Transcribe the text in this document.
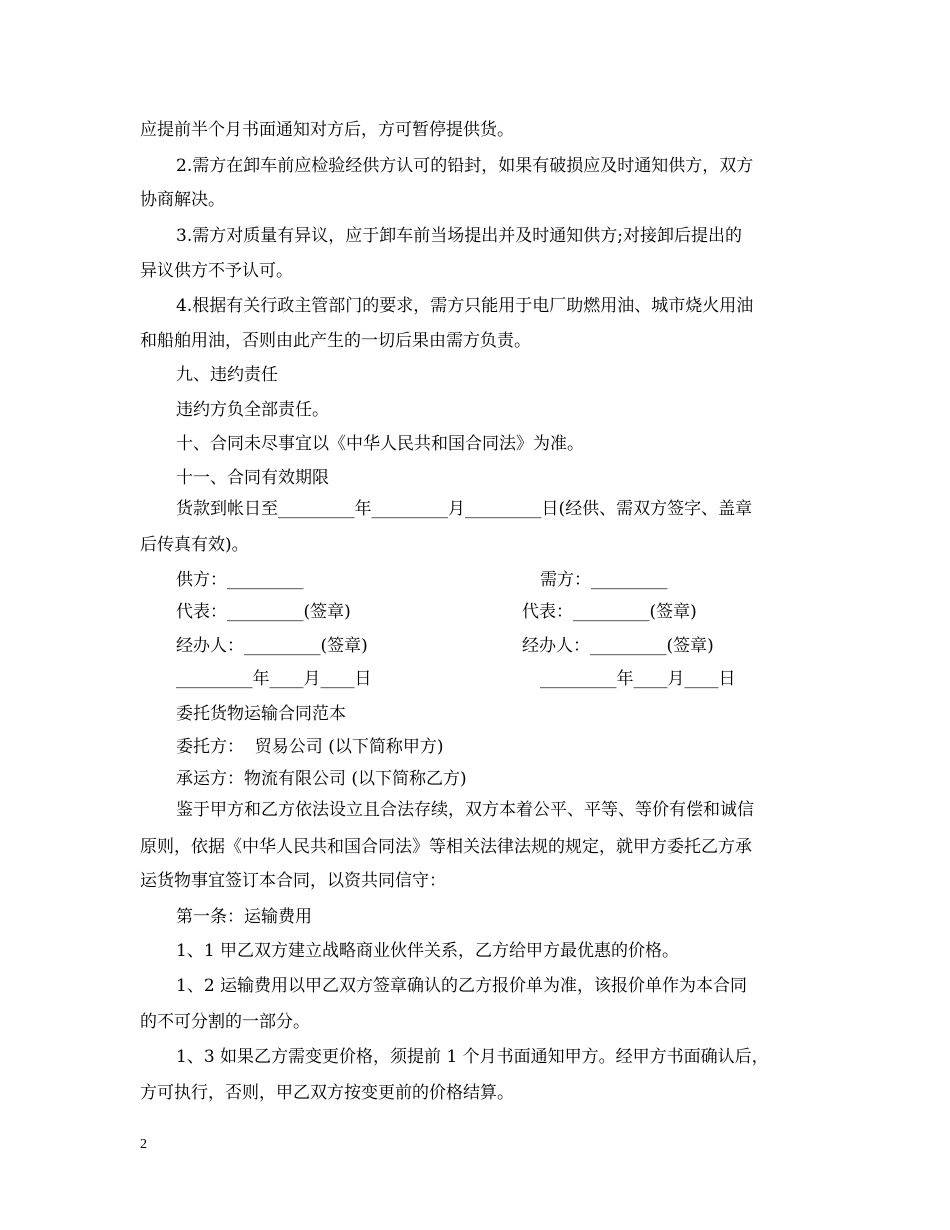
应提前半个月书面通知对方后，方可暂停提供货。
2.需方在卸车前应检验经供方认可的铅封，如果有破损应及时通知供方，双方
协商解决。
3.需方对质量有异议，应于卸车前当场提出并及时通知供方;对接卸后提出的
异议供方不予认可。
4.根据有关行政主管部门的要求，需方只能用于电厂助燃用油、城市烧火用油
和船舶用油，否则由此产生的一切后果由需方负责。
九、违约责任
违约方负全部责任。
十、合同未尽事宜以《中华人民共和国合同法》为准。
十一、合同有效期限
货款到帐日至_________年_________月_________日(经供、需双方签字、盖章
后传真有效)。
供方：_________	需方：_________
代表：_________(签章)	代表：_________(签章)
经办人：_________(签章)	经办人：_________(签章)
_________年____月____日	_________年____月____日
委托货物运输合同范本
委托方：  贸易公司 (以下简称甲方)
承运方：物流有限公司 (以下简称乙方)
鉴于甲方和乙方依法设立且合法存续，双方本着公平、平等、等价有偿和诚信
原则，依据《中华人民共和国合同法》等相关法律法规的规定，就甲方委托乙方承
运货物事宜签订本合同，以资共同信守：
第一条：运输费用
1、1 甲乙双方建立战略商业伙伴关系，乙方给甲方最优惠的价格。
1、2 运输费用以甲乙双方签章确认的乙方报价单为准，该报价单作为本合同
的不可分割的一部分。
1、3 如果乙方需变更价格，须提前 1 个月书面通知甲方。经甲方书面确认后，
方可执行，否则，甲乙双方按变更前的价格结算。
2
